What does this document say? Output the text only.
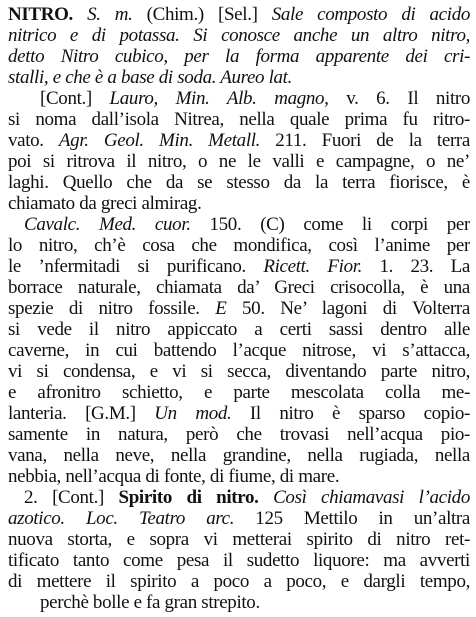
NITRO. S. m. (Chim.) [Sel.] Sale composto di acido
nitrico e di potassa. Si conosce anche un altro nitro,
detto Nitro cubico, per la forma apparente dei cri-
stalli, e che è a base di soda. Aureo lat.
[Cont.] Lauro, Min. Alb. magno, v. 6. Il nitro
si noma dall’isola Nitrea, nella quale prima fu ritro-
vato. Agr. Geol. Min. Metall. 211. Fuori de la terra
poi si ritrova il nitro, o ne le valli e campagne, o ne’
laghi. Quello che da se stesso da la terra fiorisce, è
chiamato da greci almirag.
Cavalc. Med. cuor. 150. (C) come li corpi per
lo nitro, ch’è cosa che mondifica, così l’anime per
le ’nfermitadi si purificano. Ricett. Fior. 1. 23. La
borrace naturale, chiamata da’ Greci crisocolla, è una
spezie di nitro fossile. E 50. Ne’ lagoni di Volterra
si vede il nitro appiccato a certi sassi dentro alle
caverne, in cui battendo l’acque nitrose, vi s’attacca,
vi si condensa, e vi si secca, diventando parte nitro,
e afronitro schietto, e parte mescolata colla me-
lanteria. [G.M.] Un mod. Il nitro è sparso copio-
samente in natura, però che trovasi nell’acqua pio-
vana, nella neve, nella grandine, nella rugiada, nella
nebbia, nell’acqua di fonte, di fiume, di mare.
2. [Cont.] Spirito di nitro. Così chiamavasi l’acido
azotico. Loc. Teatro arc. 125 Mettilo in un’altra
nuova storta, e sopra vi metterai spirito di nitro ret-
tificato tanto come pesa il sudetto liquore: ma avverti
di mettere il spirito a poco a poco, e dargli tempo,
perchè bolle e fa gran strepito.
